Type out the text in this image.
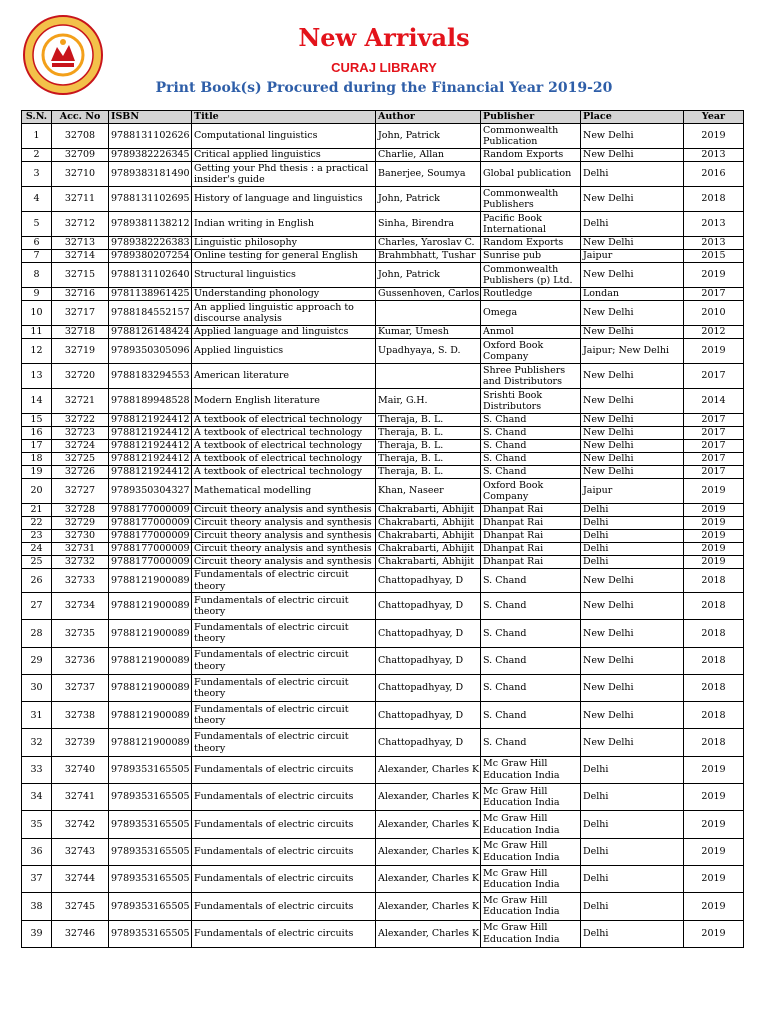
New Arrivals
CURAJ LIBRARY
Print Book(s) Procured during the Financial Year 2019-20
S.N.	Acc. No	ISBN	Title	Author	Publisher	Place	Year
1	32708	9788131102626	Computational linguistics	John, Patrick	Commonwealth Publication	New Delhi	2019
2	32709	9789382226345	Critical applied linguistics	Charlie, Allan	Random Exports	New Delhi	2013
3	32710	9789383181490	Getting your Phd thesis : a practical insider's guide	Banerjee, Soumya	Global publication	Delhi	2016
4	32711	9788131102695	History of language and linguistics	John, Patrick	Commonwealth Publishers	New Delhi	2018
5	32712	9789381138212	Indian writing in English	Sinha, Birendra	Pacific Book International	Delhi	2013
6	32713	9789382226383	Linguistic philosophy	Charles, Yaroslav C.	Random Exports	New Delhi	2013
7	32714	9789380207254	Online testing for general English	Brahmbhatt, Tushar	Sunrise pub	Jaipur	2015
8	32715	9788131102640	Structural linguistics	John, Patrick	Commonwealth Publishers (p) Ltd.	New Delhi	2019
9	32716	9781138961425	Understanding phonology	Gussenhoven, Carlos	Routledge	Londan	2017
10	32717	9788184552157	An applied linguistic approach to discourse analysis		Omega	New Delhi	2010
11	32718	9788126148424	Applied language and linguistcs	Kumar, Umesh	Anmol	New Delhi	2012
12	32719	9789350305096	Applied linguistics	Upadhyaya, S. D.	Oxford Book Company	Jaipur; New Delhi	2019
13	32720	9788183294553	American literature		Shree Publishers and Distributors	New Delhi	2017
14	32721	9788189948528	Modern English literature	Mair, G.H.	Srishti Book Distributors	New Delhi	2014
15	32722	9788121924412	A textbook of electrical technology	Theraja, B. L.	S. Chand	New Delhi	2017
16	32723	9788121924412	A textbook of electrical technology	Theraja, B. L.	S. Chand	New Delhi	2017
17	32724	9788121924412	A textbook of electrical technology	Theraja, B. L.	S. Chand	New Delhi	2017
18	32725	9788121924412	A textbook of electrical technology	Theraja, B. L.	S. Chand	New Delhi	2017
19	32726	9788121924412	A textbook of electrical technology	Theraja, B. L.	S. Chand	New Delhi	2017
20	32727	9789350304327	Mathematical modelling	Khan, Naseer	Oxford Book Company	Jaipur	2019
21	32728	9788177000009	Circuit theory analysis and synthesis	Chakrabarti, Abhijit	Dhanpat Rai	Delhi	2019
22	32729	9788177000009	Circuit theory analysis and synthesis	Chakrabarti, Abhijit	Dhanpat Rai	Delhi	2019
23	32730	9788177000009	Circuit theory analysis and synthesis	Chakrabarti, Abhijit	Dhanpat Rai	Delhi	2019
24	32731	9788177000009	Circuit theory analysis and synthesis	Chakrabarti, Abhijit	Dhanpat Rai	Delhi	2019
25	32732	9788177000009	Circuit theory analysis and synthesis	Chakrabarti, Abhijit	Dhanpat Rai	Delhi	2019
26	32733	9788121900089	Fundamentals of electric circuit theory	Chattopadhyay, D	S. Chand	New Delhi	2018
27	32734	9788121900089	Fundamentals of electric circuit theory	Chattopadhyay, D	S. Chand	New Delhi	2018
28	32735	9788121900089	Fundamentals of electric circuit theory	Chattopadhyay, D	S. Chand	New Delhi	2018
29	32736	9788121900089	Fundamentals of electric circuit theory	Chattopadhyay, D	S. Chand	New Delhi	2018
30	32737	9788121900089	Fundamentals of electric circuit theory	Chattopadhyay, D	S. Chand	New Delhi	2018
31	32738	9788121900089	Fundamentals of electric circuit theory	Chattopadhyay, D	S. Chand	New Delhi	2018
32	32739	9788121900089	Fundamentals of electric circuit theory	Chattopadhyay, D	S. Chand	New Delhi	2018
33	32740	9789353165505	Fundamentals of electric circuits	Alexander, Charles K	Mc Graw Hill Education India	Delhi	2019
34	32741	9789353165505	Fundamentals of electric circuits	Alexander, Charles K	Mc Graw Hill Education India	Delhi	2019
35	32742	9789353165505	Fundamentals of electric circuits	Alexander, Charles K	Mc Graw Hill Education India	Delhi	2019
36	32743	9789353165505	Fundamentals of electric circuits	Alexander, Charles K	Mc Graw Hill Education India	Delhi	2019
37	32744	9789353165505	Fundamentals of electric circuits	Alexander, Charles K	Mc Graw Hill Education India	Delhi	2019
38	32745	9789353165505	Fundamentals of electric circuits	Alexander, Charles K	Mc Graw Hill Education India	Delhi	2019
39	32746	9789353165505	Fundamentals of electric circuits	Alexander, Charles K	Mc Graw Hill Education India	Delhi	2019
